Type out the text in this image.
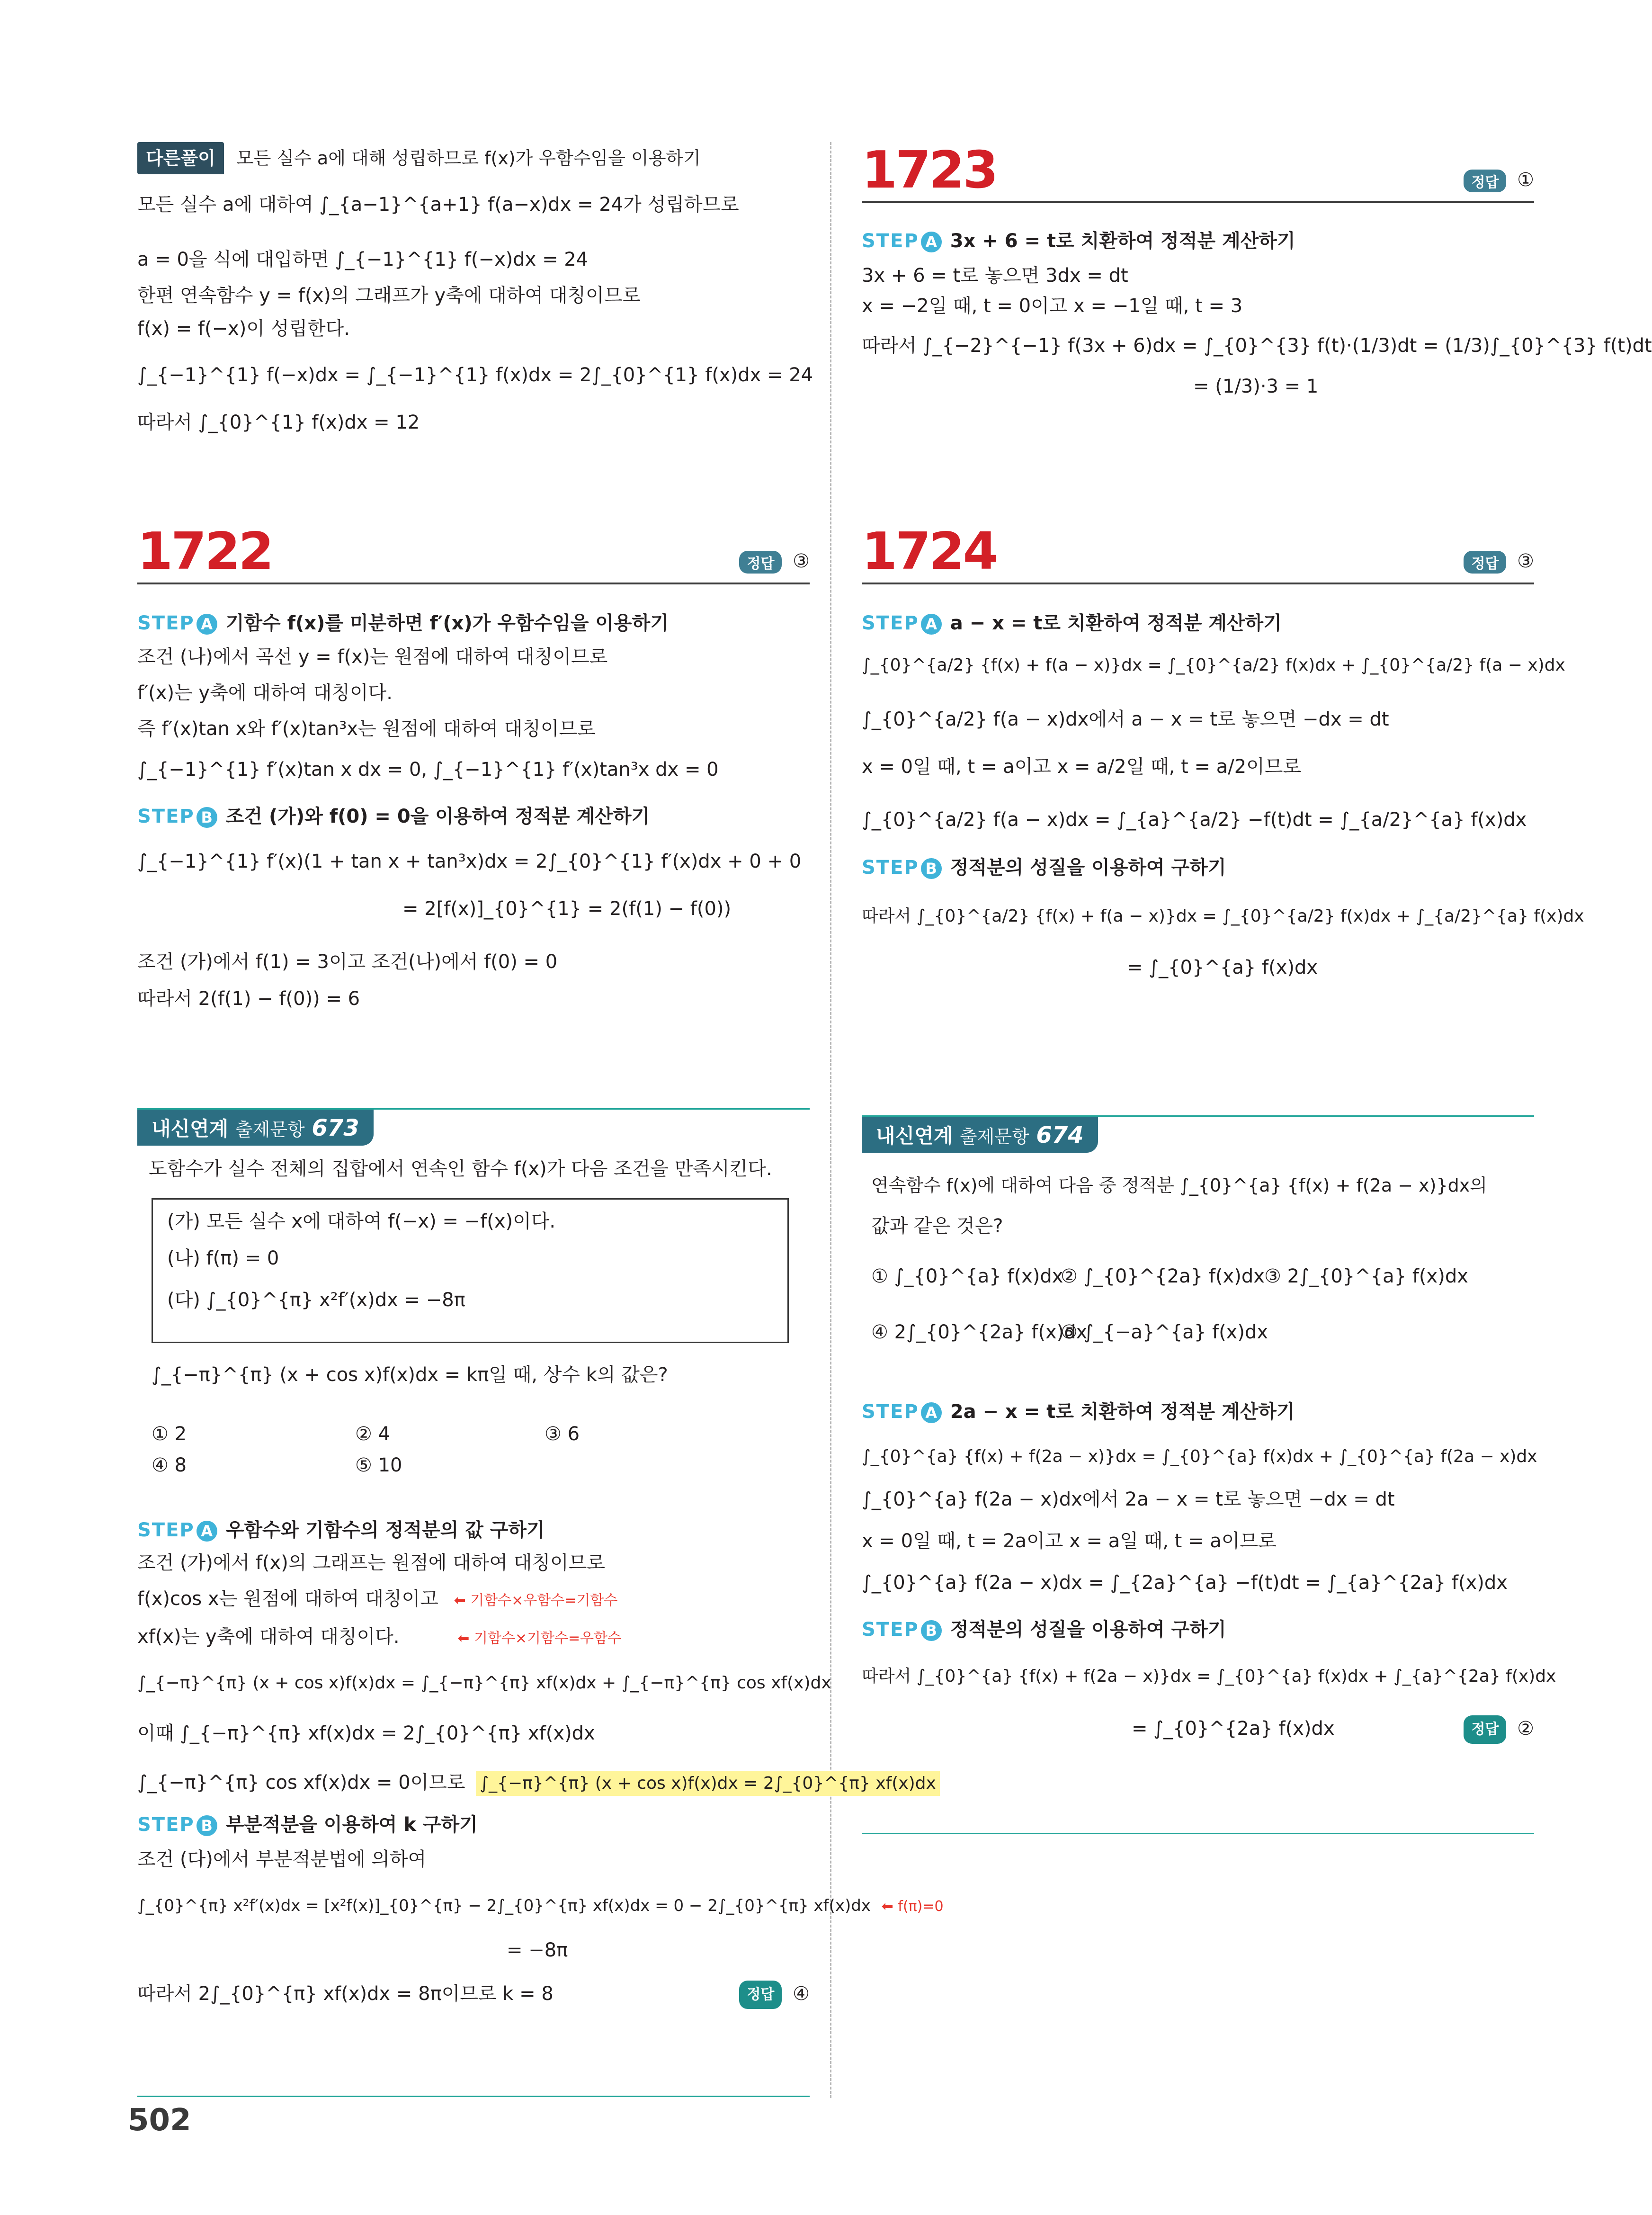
다른풀이 모든 실수 a에 대해 성립하므로 f(x)가 우함수임을 이용하기
모든 실수 a에 대하여 ∫_{a−1}^{a+1} f(a−x)dx = 24가 성립하므로
a = 0을 식에 대입하면 ∫_{−1}^{1} f(−x)dx = 24
한편 연속함수 y = f(x)의 그래프가 y축에 대하여 대칭이므로
f(x) = f(−x)이 성립한다.
∫_{−1}^{1} f(−x)dx = ∫_{−1}^{1} f(x)dx = 2∫_{0}^{1} f(x)dx = 24
따라서 ∫_{0}^{1} f(x)dx = 12
1722	정답 ③
STEP A 기함수 f(x)를 미분하면 f′(x)가 우함수임을 이용하기
조건 (나)에서 곡선 y = f(x)는 원점에 대하여 대칭이므로
f′(x)는 y축에 대하여 대칭이다.
즉 f′(x)tan x와 f′(x)tan³x는 원점에 대하여 대칭이므로
∫_{−1}^{1} f′(x)tan x dx = 0, ∫_{−1}^{1} f′(x)tan³x dx = 0
STEP B 조건 (가)와 f(0) = 0을 이용하여 정적분 계산하기
∫_{−1}^{1} f′(x)(1 + tan x + tan³x)dx = 2∫_{0}^{1} f′(x)dx + 0 + 0
= 2[f(x)]_{0}^{1} = 2(f(1) − f(0))
조건 (가)에서 f(1) = 3이고 조건(나)에서 f(0) = 0
따라서 2(f(1) − f(0)) = 6
내신연계 출제문항 673
도함수가 실수 전체의 집합에서 연속인 함수 f(x)가 다음 조건을 만족시킨다.
(가) 모든 실수 x에 대하여 f(−x) = −f(x)이다.
(나) f(π) = 0
(다) ∫_{0}^{π} x²f′(x)dx = −8π
∫_{−π}^{π} (x + cos x)f(x)dx = kπ일 때, 상수 k의 값은?
① 2	② 4	③ 6
④ 8	⑤ 10
STEP A 우함수와 기함수의 정적분의 값 구하기
조건 (가)에서 f(x)의 그래프는 원점에 대하여 대칭이므로
f(x)cos x는 원점에 대하여 대칭이고 ⬅ 기함수×우함수=기함수
xf(x)는 y축에 대하여 대칭이다.	⬅ 기함수×기함수=우함수
∫_{−π}^{π} (x + cos x)f(x)dx = ∫_{−π}^{π} xf(x)dx + ∫_{−π}^{π} cos xf(x)dx
이때 ∫_{−π}^{π} xf(x)dx = 2∫_{0}^{π} xf(x)dx
∫_{−π}^{π} cos xf(x)dx = 0이므로 ∫_{−π}^{π} (x + cos x)f(x)dx = 2∫_{0}^{π} xf(x)dx
STEP B 부분적분을 이용하여 k 구하기
조건 (다)에서 부분적분법에 의하여
∫_{0}^{π} x²f′(x)dx = [x²f(x)]_{0}^{π} − 2∫_{0}^{π} xf(x)dx = 0 − 2∫_{0}^{π} xf(x)dx ⬅ f(π)=0
= −8π
따라서 2∫_{0}^{π} xf(x)dx = 8π이므로 k = 8	정답 ④
1723	정답 ①
STEP A 3x + 6 = t로 치환하여 정적분 계산하기
3x + 6 = t로 놓으면 3dx = dt
x = −2일 때, t = 0이고 x = −1일 때, t = 3
따라서 ∫_{−2}^{−1} f(3x + 6)dx = ∫_{0}^{3} f(t)·(1/3)dt = (1/3)∫_{0}^{3} f(t)dt
= (1/3)·3 = 1
1724	정답 ③
STEP A a − x = t로 치환하여 정적분 계산하기
∫_{0}^{a/2} {f(x) + f(a − x)}dx = ∫_{0}^{a/2} f(x)dx + ∫_{0}^{a/2} f(a − x)dx
∫_{0}^{a/2} f(a − x)dx에서 a − x = t로 놓으면 −dx = dt
x = 0일 때, t = a이고 x = a/2일 때, t = a/2이므로
∫_{0}^{a/2} f(a − x)dx = ∫_{a}^{a/2} −f(t)dt = ∫_{a/2}^{a} f(x)dx
STEP B 정적분의 성질을 이용하여 구하기
따라서 ∫_{0}^{a/2} {f(x) + f(a − x)}dx = ∫_{0}^{a/2} f(x)dx + ∫_{a/2}^{a} f(x)dx
= ∫_{0}^{a} f(x)dx
내신연계 출제문항 674
연속함수 f(x)에 대하여 다음 중 정적분 ∫_{0}^{a} {f(x) + f(2a − x)}dx의
값과 같은 것은?
① ∫_{0}^{a} f(x)dx
② ∫_{0}^{2a} f(x)dx ③ 2∫_{0}^{a} f(x)dx
④ 2∫_{0}^{2a} f(x)dx
⑤ ∫_{−a}^{a} f(x)dx
STEP A 2a − x = t로 치환하여 정적분 계산하기
∫_{0}^{a} {f(x) + f(2a − x)}dx = ∫_{0}^{a} f(x)dx + ∫_{0}^{a} f(2a − x)dx
∫_{0}^{a} f(2a − x)dx에서 2a − x = t로 놓으면 −dx = dt
x = 0일 때, t = 2a이고 x = a일 때, t = a이므로
∫_{0}^{a} f(2a − x)dx = ∫_{2a}^{a} −f(t)dt = ∫_{a}^{2a} f(x)dx
STEP B 정적분의 성질을 이용하여 구하기
따라서 ∫_{0}^{a} {f(x) + f(2a − x)}dx = ∫_{0}^{a} f(x)dx + ∫_{a}^{2a} f(x)dx
= ∫_{0}^{2a} f(x)dx	정답 ②
502
